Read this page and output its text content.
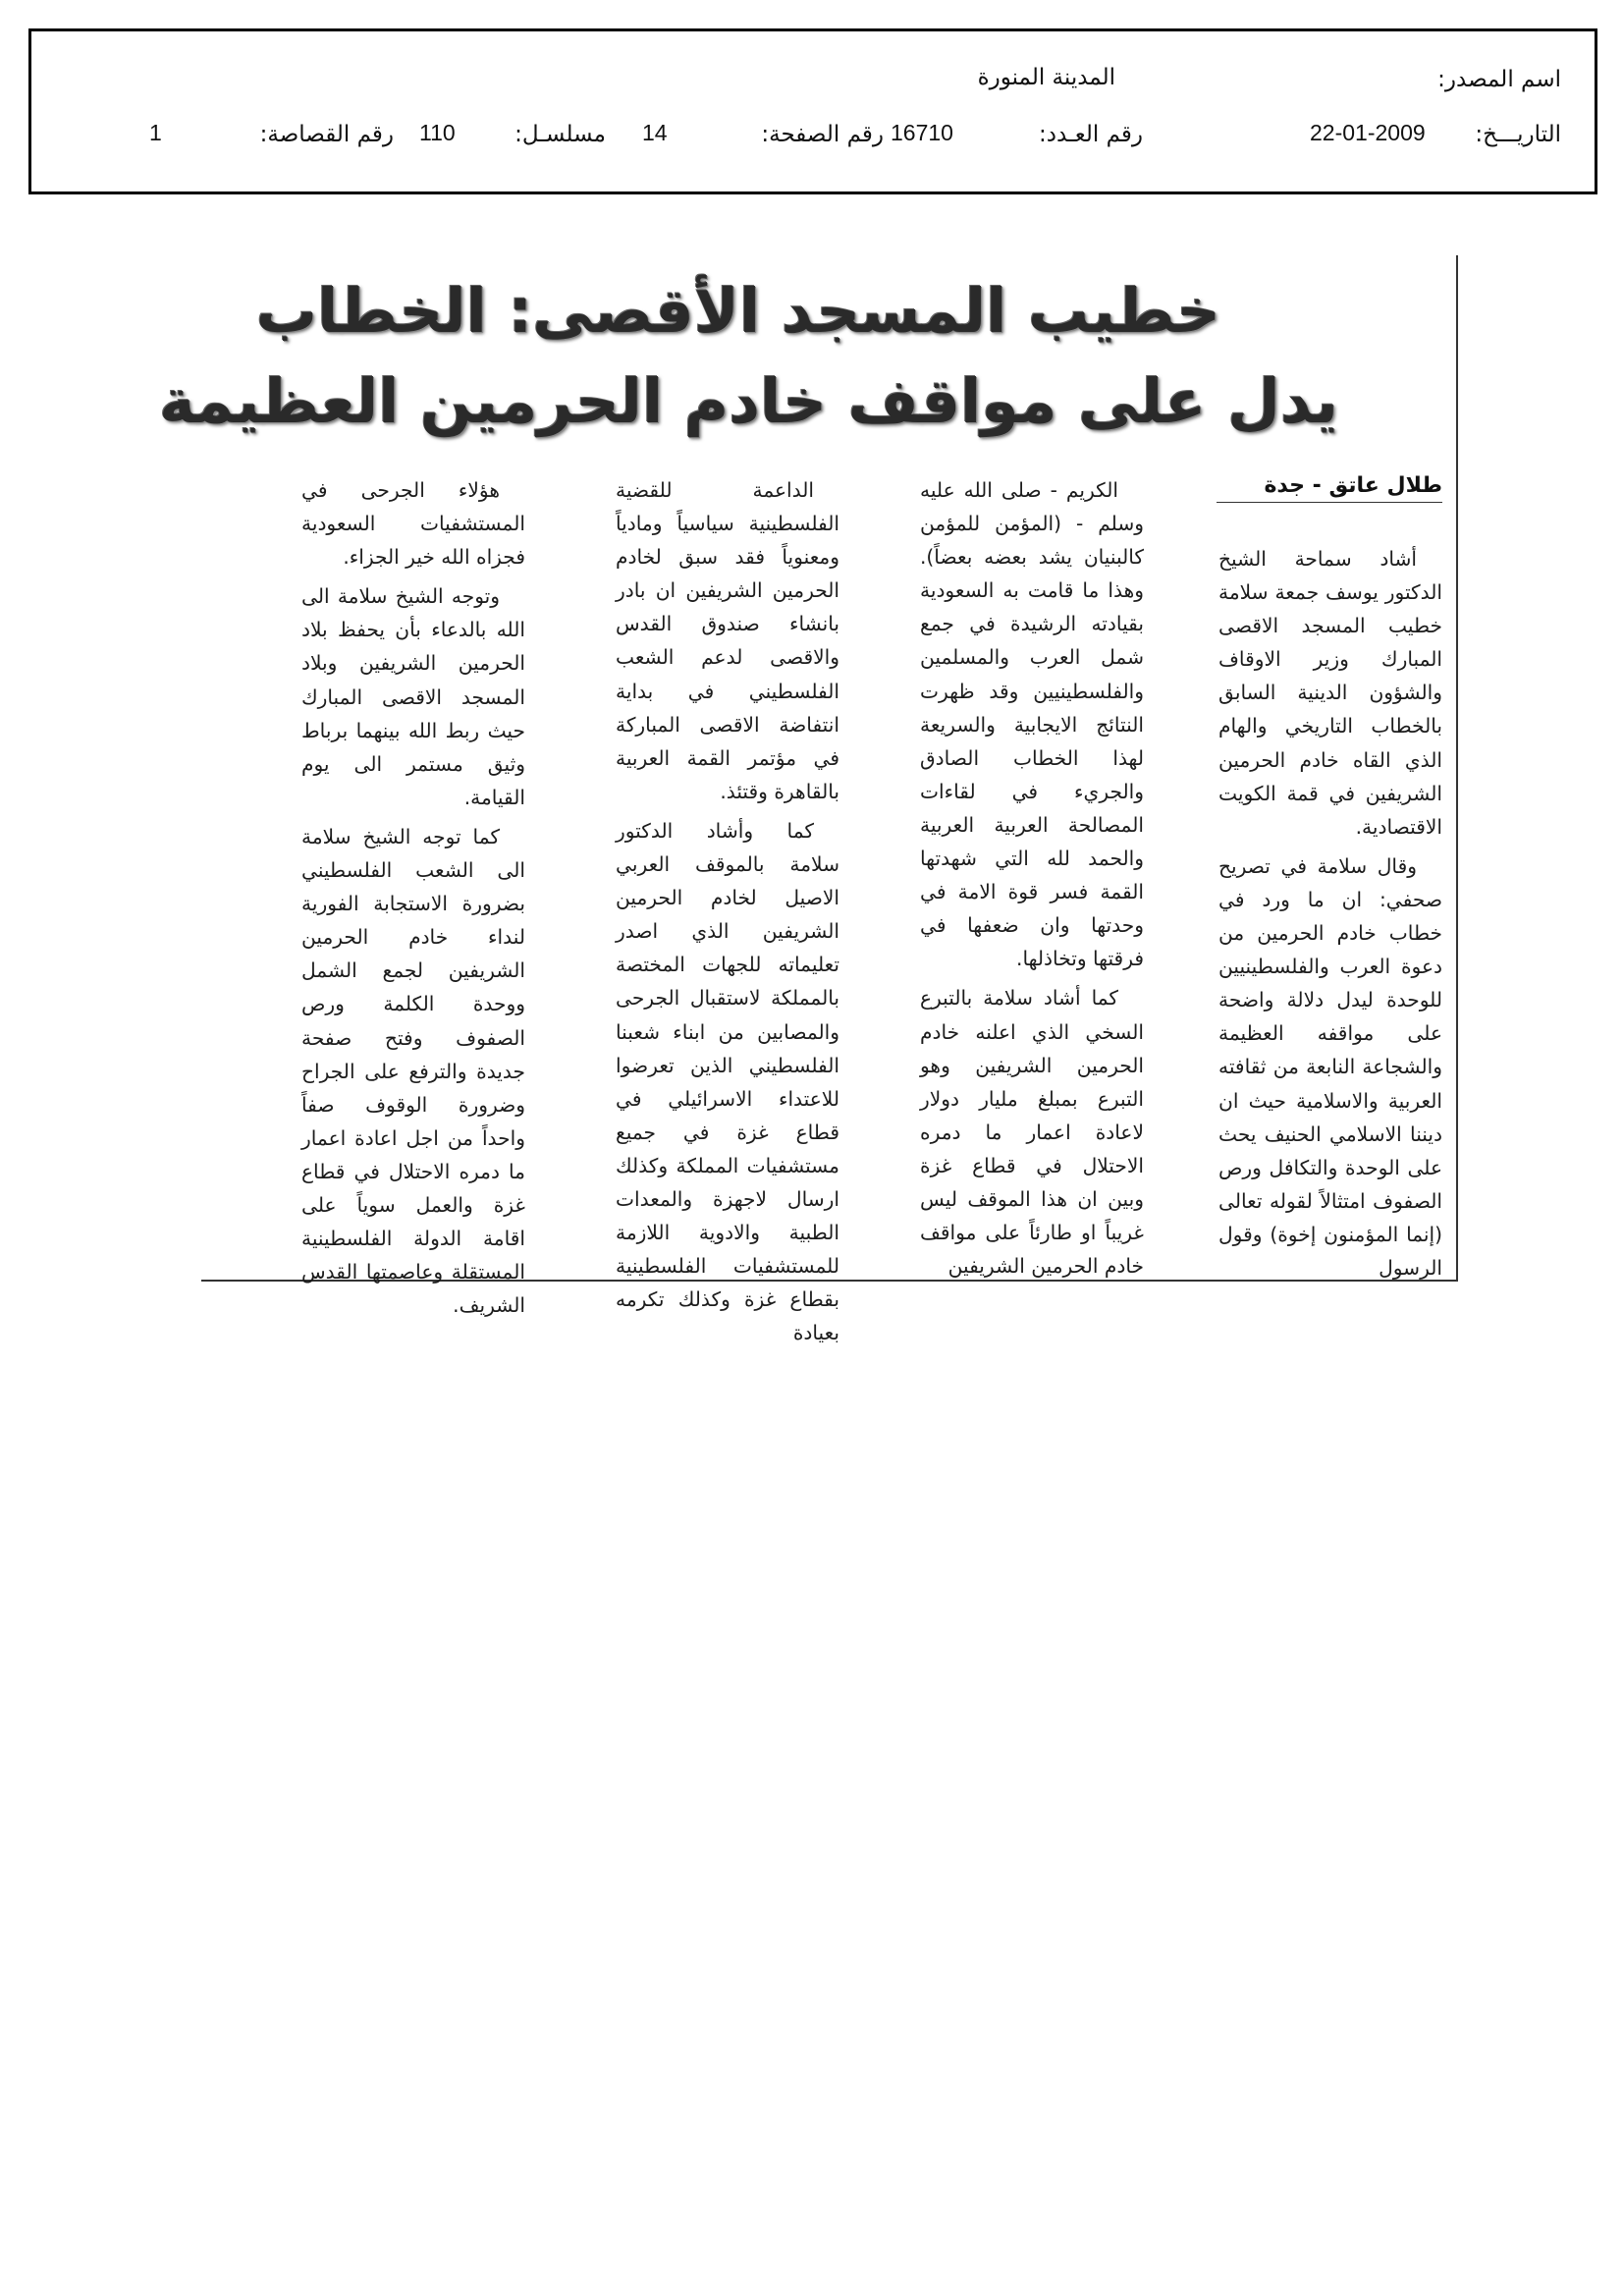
اسم المصدر:
المدينة المنورة
التاريـــخ:
22-01-2009
رقم العـدد:
16710
رقم الصفحة:
14
مسلسـل:
110
رقم القصاصة:
1
خطيب المسجد الأقصى: الخطاب
يدل على مواقف خادم الحرمين العظيمة
طلال عاتق - جدة

أشاد سماحة الشيخ الدكتور يوسف جمعة سلامة خطيب المسجد الاقصى المبارك وزير الاوقاف والشؤون الدينية السابق بالخطاب التاريخي والهام الذي القاه خادم الحرمين الشريفين في قمة الكويت الاقتصادية.

وقال سلامة في تصريح صحفي: ان ما ورد في خطاب خادم الحرمين من دعوة العرب والفلسطينيين للوحدة ليدل دلالة واضحة على مواقفه العظيمة والشجاعة النابعة من ثقافته العربية والاسلامية حيث ان ديننا الاسلامي الحنيف يحث على الوحدة والتكافل ورص الصفوف امتثالاً لقوله تعالى (إنما المؤمنون إخوة) وقول الرسول

الكريم - صلى الله عليه وسلم - (المؤمن للمؤمن كالبنيان يشد بعضه بعضاً). وهذا ما قامت به السعودية بقيادته الرشيدة في جمع شمل العرب والمسلمين والفلسطينيين وقد ظهرت النتائج الايجابية والسريعة لهذا الخطاب الصادق والجريء في لقاءات المصالحة العربية العربية والحمد لله التي شهدتها القمة فسر قوة الامة في وحدتها وان ضعفها في فرقتها وتخاذلها.

كما أشاد سلامة بالتبرع السخي الذي اعلنه خادم الحرمين الشريفين وهو التبرع بمبلغ مليار دولار لاعادة اعمار ما دمره الاحتلال في قطاع غزة وبين ان هذا الموقف ليس غريباً او طارئاً على مواقف خادم الحرمين الشريفين

الداعمة للقضية الفلسطينية سياسياً ومادياً ومعنوياً فقد سبق لخادم الحرمين الشريفين ان بادر بانشاء صندوق القدس والاقصى لدعم الشعب الفلسطيني في بداية انتفاضة الاقصى المباركة في مؤتمر القمة العربية بالقاهرة وقتئذ.

كما وأشاد الدكتور سلامة بالموقف العربي الاصيل لخادم الحرمين الشريفين الذي اصدر تعليماته للجهات المختصة بالمملكة لاستقبال الجرحى والمصابين من ابناء شعبنا الفلسطيني الذين تعرضوا للاعتداء الاسرائيلي في قطاع غزة في جميع مستشفيات المملكة وكذلك ارسال لاجهزة والمعدات الطبية والادوية اللازمة للمستشفيات الفلسطينية بقطاع غزة وكذلك تكرمه بعيادة

هؤلاء الجرحى في المستشفيات السعودية فجزاه الله خير الجزاء.

وتوجه الشيخ سلامة الى الله بالدعاء بأن يحفظ بلاد الحرمين الشريفين وبلاد المسجد الاقصى المبارك حيث ربط الله بينهما برباط وثيق مستمر الى يوم القيامة.

كما توجه الشيخ سلامة الى الشعب الفلسطيني بضرورة الاستجابة الفورية لنداء خادم الحرمين الشريفين لجمع الشمل ووحدة الكلمة ورص الصفوف وفتح صفحة جديدة والترفع على الجراح وضرورة الوقوف صفاً واحداً من اجل اعادة اعمار ما دمره الاحتلال في قطاع غزة والعمل سوياً على اقامة الدولة الفلسطينية المستقلة وعاصمتها القدس الشريف.
